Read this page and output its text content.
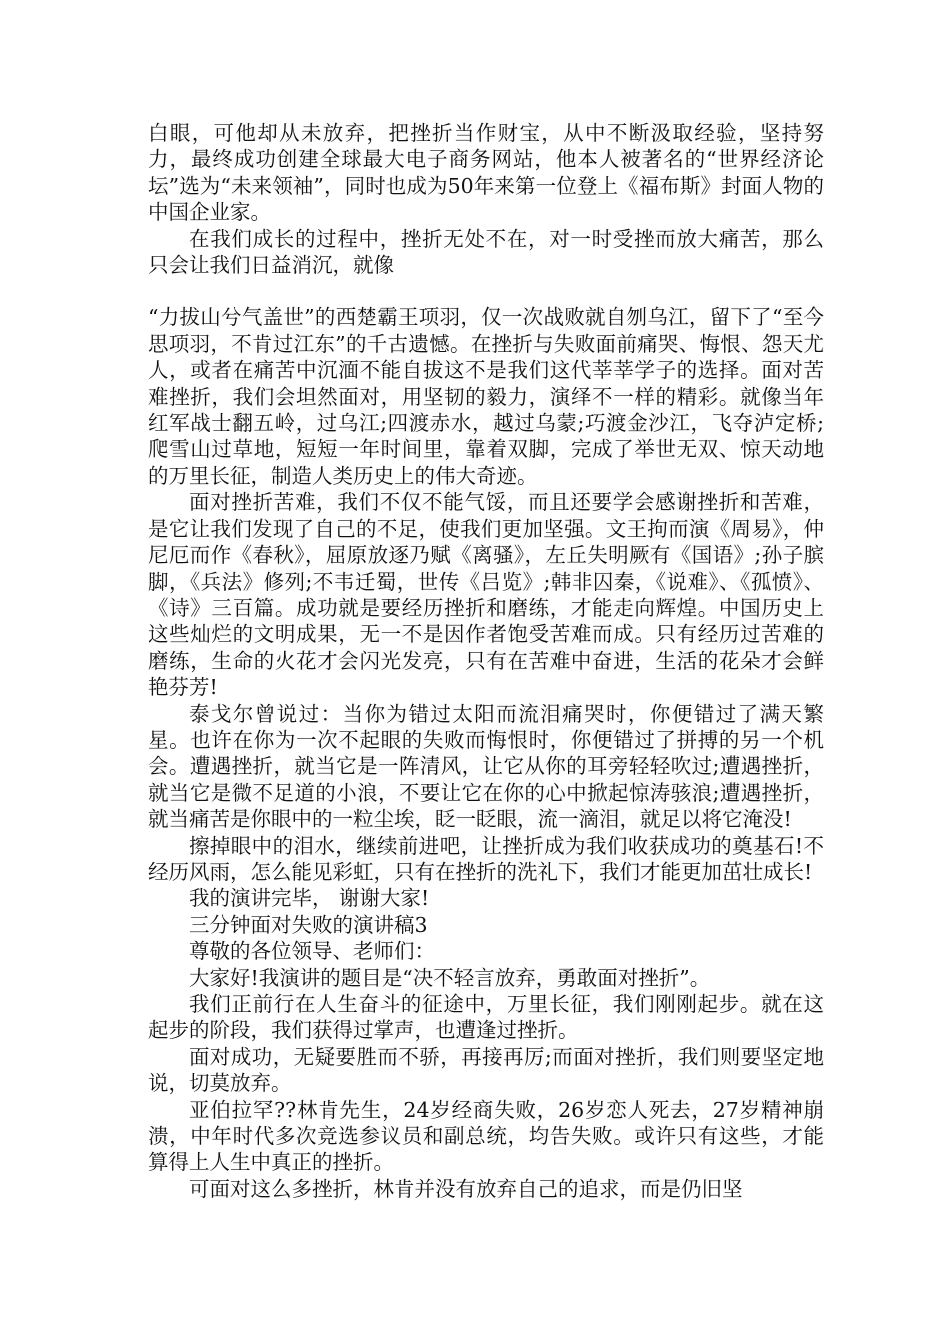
白眼，可他却从未放弃，把挫折当作财宝，从中不断汲取经验，坚持努力，最终成功创建全球最大电子商务网站，他本人被著名的“世界经济论坛”选为“未来领袖”，同时也成为50年来第一位登上《福布斯》封面人物的中国企业家。

在我们成长的过程中，挫折无处不在，对一时受挫而放大痛苦，那么只会让我们日益消沉，就像

“力拔山兮气盖世”的西楚霸王项羽，仅一次战败就自刎乌江，留下了“至今思项羽，不肯过江东”的千古遗憾。在挫折与失败面前痛哭、悔恨、怨天尤人，或者在痛苦中沉湎不能自拔这不是我们这代莘莘学子的选择。面对苦难挫折，我们会坦然面对，用坚韧的毅力，演绎不一样的精彩。就像当年红军战士翻五岭，过乌江;四渡赤水，越过乌蒙;巧渡金沙江，飞夺泸定桥;爬雪山过草地，短短一年时间里，靠着双脚，完成了举世无双、惊天动地的万里长征，制造人类历史上的伟大奇迹。

面对挫折苦难，我们不仅不能气馁，而且还要学会感谢挫折和苦难，是它让我们发现了自己的不足，使我们更加坚强。文王拘而演《周易》，仲尼厄而作《春秋》，屈原放逐乃赋《离骚》，左丘失明厥有《国语》;孙子膑脚，《兵法》修列;不韦迁蜀，世传《吕览》;韩非囚秦，《说难》、《孤愤》、《诗》三百篇。成功就是要经历挫折和磨练，才能走向辉煌。中国历史上这些灿烂的文明成果，无一不是因作者饱受苦难而成。只有经历过苦难的磨练，生命的火花才会闪光发亮，只有在苦难中奋进，生活的花朵才会鲜艳芬芳!

泰戈尔曾说过：当你为错过太阳而流泪痛哭时，你便错过了满天繁星。也许在你为一次不起眼的失败而悔恨时，你便错过了拼搏的另一个机会。遭遇挫折，就当它是一阵清风，让它从你的耳旁轻轻吹过;遭遇挫折，就当它是微不足道的小浪，不要让它在你的心中掀起惊涛骇浪;遭遇挫折，就当痛苦是你眼中的一粒尘埃，眨一眨眼，流一滴泪，就足以将它淹没!

擦掉眼中的泪水，继续前进吧，让挫折成为我们收获成功的奠基石!不经历风雨，怎么能见彩虹，只有在挫折的洗礼下，我们才能更加茁壮成长!

我的演讲完毕， 谢谢大家!

三分钟面对失败的演讲稿3

尊敬的各位领导、老师们：

大家好!我演讲的题目是“决不轻言放弃，勇敢面对挫折”。

我们正前行在人生奋斗的征途中，万里长征，我们刚刚起步。就在这起步的阶段，我们获得过掌声，也遭逢过挫折。

面对成功，无疑要胜而不骄，再接再厉;而面对挫折，我们则要坚定地说，切莫放弃。

亚伯拉罕??林肯先生，24岁经商失败，26岁恋人死去，27岁精神崩溃，中年时代多次竞选参议员和副总统，均告失败。或许只有这些，才能算得上人生中真正的挫折。

可面对这么多挫折，林肯并没有放弃自己的追求，而是仍旧坚
